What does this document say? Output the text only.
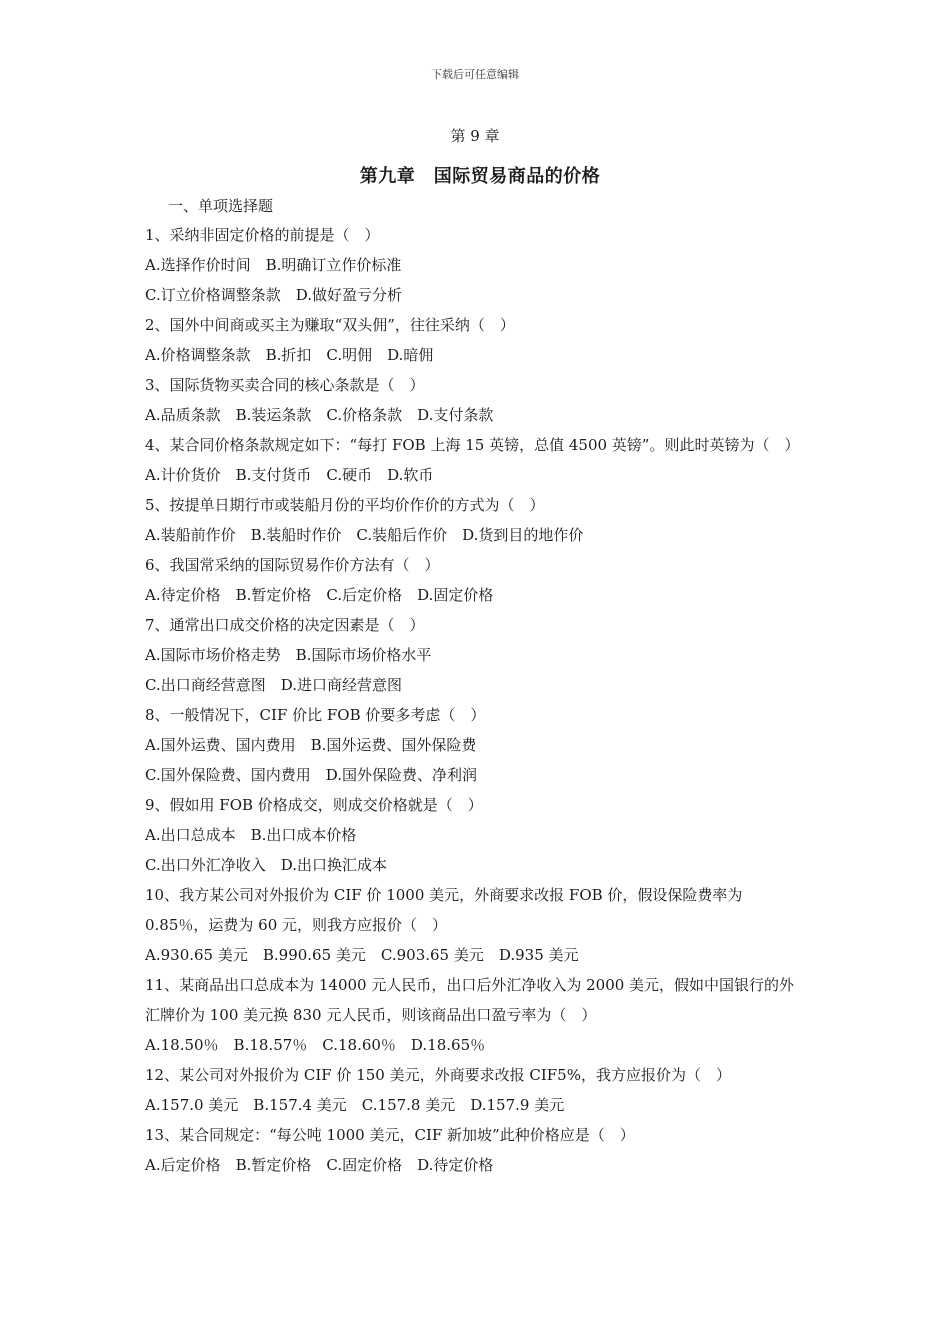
下载后可任意编辑
第 9 章
第九章　国际贸易商品的价格
一、单项选择题
1、采纳非固定价格的前提是（　）
A.选择作价时间　B.明确订立作价标准
C.订立价格调整条款　D.做好盈亏分析
2、国外中间商或买主为赚取“双头佣”，往往采纳（　）
A.价格调整条款　B.折扣　C.明佣　D.暗佣
3、国际货物买卖合同的核心条款是（　）
A.品质条款　B.装运条款　C.价格条款　D.支付条款
4、某合同价格条款规定如下：“每打 FOB 上海 15 英镑，总值 4500 英镑”。则此时英镑为（　）
A.计价货价　B.支付货币　C.硬币　D.软币
5、按提单日期行市或装船月份的平均价作价的方式为（　）
A.装船前作价　B.装船时作价　C.装船后作价　D.货到目的地作价
6、我国常采纳的国际贸易作价方法有（　）
A.待定价格　B.暂定价格　C.后定价格　D.固定价格
7、通常出口成交价格的决定因素是（　）
A.国际市场价格走势　B.国际市场价格水平
C.出口商经营意图　D.进口商经营意图
8、一般情况下，CIF 价比 FOB 价要多考虑（　）
A.国外运费、国内费用　B.国外运费、国外保险费
C.国外保险费、国内费用　D.国外保险费、净利润
9、假如用 FOB 价格成交，则成交价格就是（　）
A.出口总成本　B.出口成本价格
C.出口外汇净收入　D.出口换汇成本
10、我方某公司对外报价为 CIF 价 1000 美元，外商要求改报 FOB 价，假设保险费率为 0.85％，运费为 60 元，则我方应报价（　）
A.930.65 美元　B.990.65 美元　C.903.65 美元　D.935 美元
11、某商品出口总成本为 14000 元人民币，出口后外汇净收入为 2000 美元，假如中国银行的外汇牌价为 100 美元换 830 元人民币，则该商品出口盈亏率为（　）
A.18.50％　B.18.57％　C.18.60％　D.18.65％
12、某公司对外报价为 CIF 价 150 美元，外商要求改报 CIF5%，我方应报价为（　）
A.157.0 美元　B.157.4 美元　C.157.8 美元　D.157.9 美元
13、某合同规定：“每公吨 1000 美元，CIF 新加坡”此种价格应是（　）
A.后定价格　B.暂定价格　C.固定价格　D.待定价格
